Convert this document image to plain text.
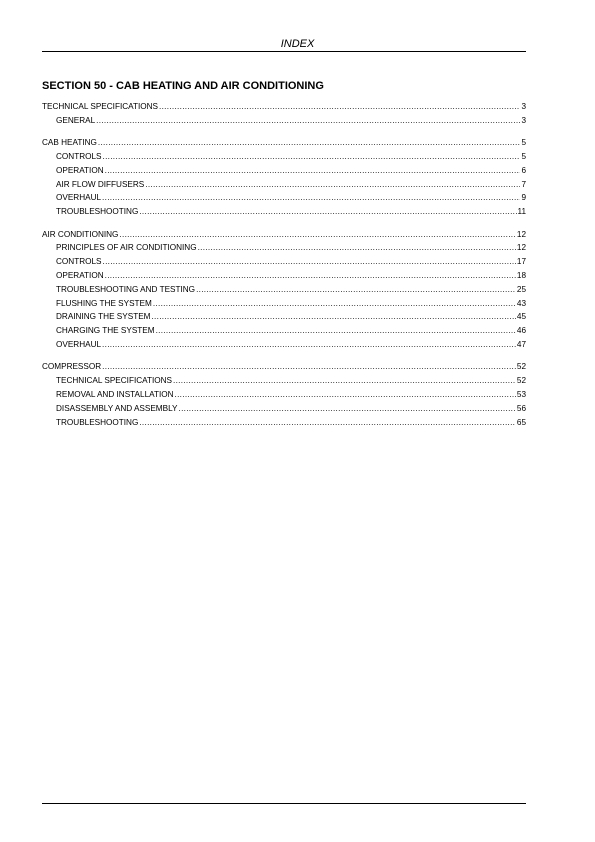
INDEX
SECTION 50 - CAB HEATING AND AIR CONDITIONING
TECHNICAL SPECIFICATIONS .....	3
GENERAL .....	3
CAB HEATING .....	5
CONTROLS .....	5
OPERATION .....	6
AIR FLOW DIFFUSERS .....	7
OVERHAUL .....	9
TROUBLESHOOTING .....	11
AIR CONDITIONING .....	12
PRINCIPLES OF AIR CONDITIONING .....	12
CONTROLS .....	17
OPERATION .....	18
TROUBLESHOOTING AND TESTING .....	25
FLUSHING THE SYSTEM .....	43
DRAINING THE SYSTEM .....	45
CHARGING THE SYSTEM .....	46
OVERHAUL .....	47
COMPRESSOR .....	52
TECHNICAL SPECIFICATIONS .....	52
REMOVAL AND INSTALLATION .....	53
DISASSEMBLY AND ASSEMBLY .....	56
TROUBLESHOOTING .....	65
